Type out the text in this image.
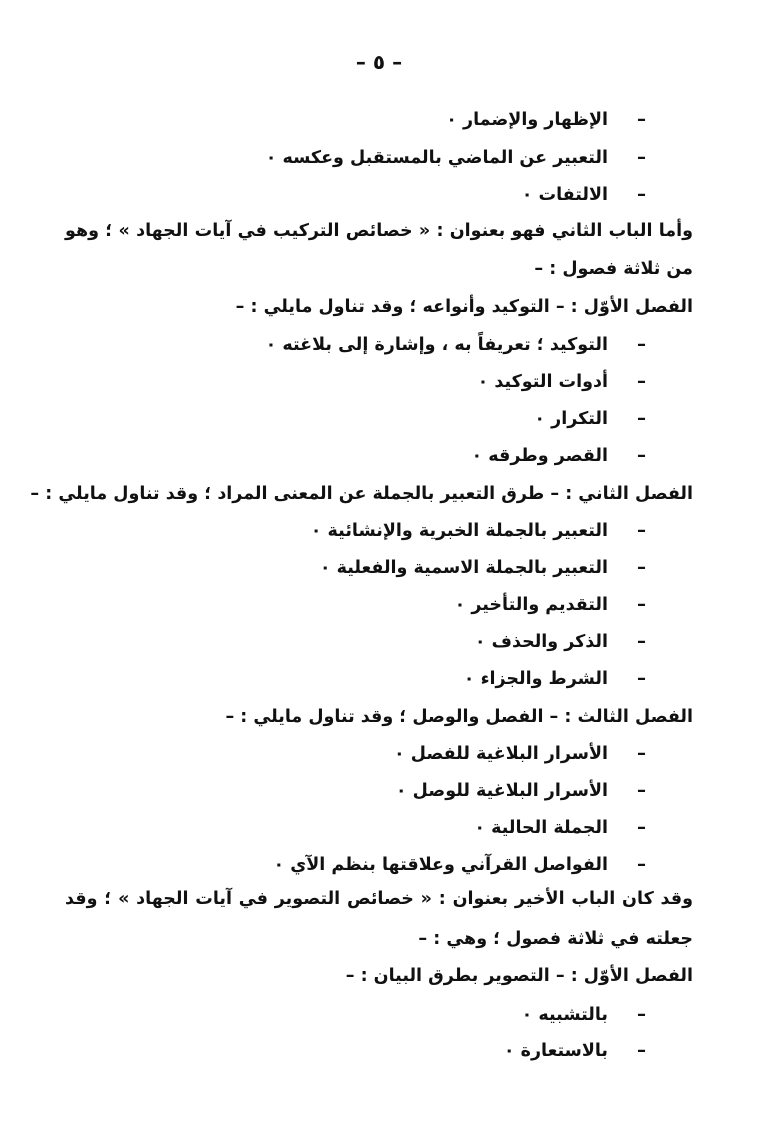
– ٥ –
–
الإظهار والإضمار ٠
–
التعبير عن الماضي بالمستقبل وعكسه ٠
–
الالتفات ٠
وأما الباب الثاني فهو بعنوان : « خصائص التركيب في آيات الجهاد » ؛ وهو
من ثلاثة فصول : –
الفصل الأوّل : – التوكيد وأنواعه ؛ وقد تناول مايلي : –
–
التوكيد ؛ تعريفاً به ، وإشارة إلى بلاغته ٠
–
أدوات التوكيد ٠
–
التكرار ٠
–
القصر وطرقه ٠
الفصل الثاني : – طرق التعبير بالجملة عن المعنى المراد ؛ وقد تناول مايلي : –
–
التعبير بالجملة الخبرية والإنشائية ٠
–
التعبير بالجملة الاسمية والفعلية ٠
–
التقديم والتأخير ٠
–
الذكر والحذف ٠
–
الشرط والجزاء ٠
الفصل الثالث : – الفصل والوصل ؛ وقد تناول مايلي : –
–
الأسرار البلاغية للفصل ٠
–
الأسرار البلاغية للوصل ٠
–
الجملة الحالية ٠
–
الفواصل القرآني وعلاقتها بنظم الآي ٠
وقد كان الباب الأخير بعنوان : « خصائص التصوير في آيات الجهاد » ؛ وقد
جعلته في ثلاثة فصول ؛ وهي : –
الفصل الأوّل : – التصوير بطرق البيان : –
–
بالتشبيه ٠
–
بالاستعارة ٠
